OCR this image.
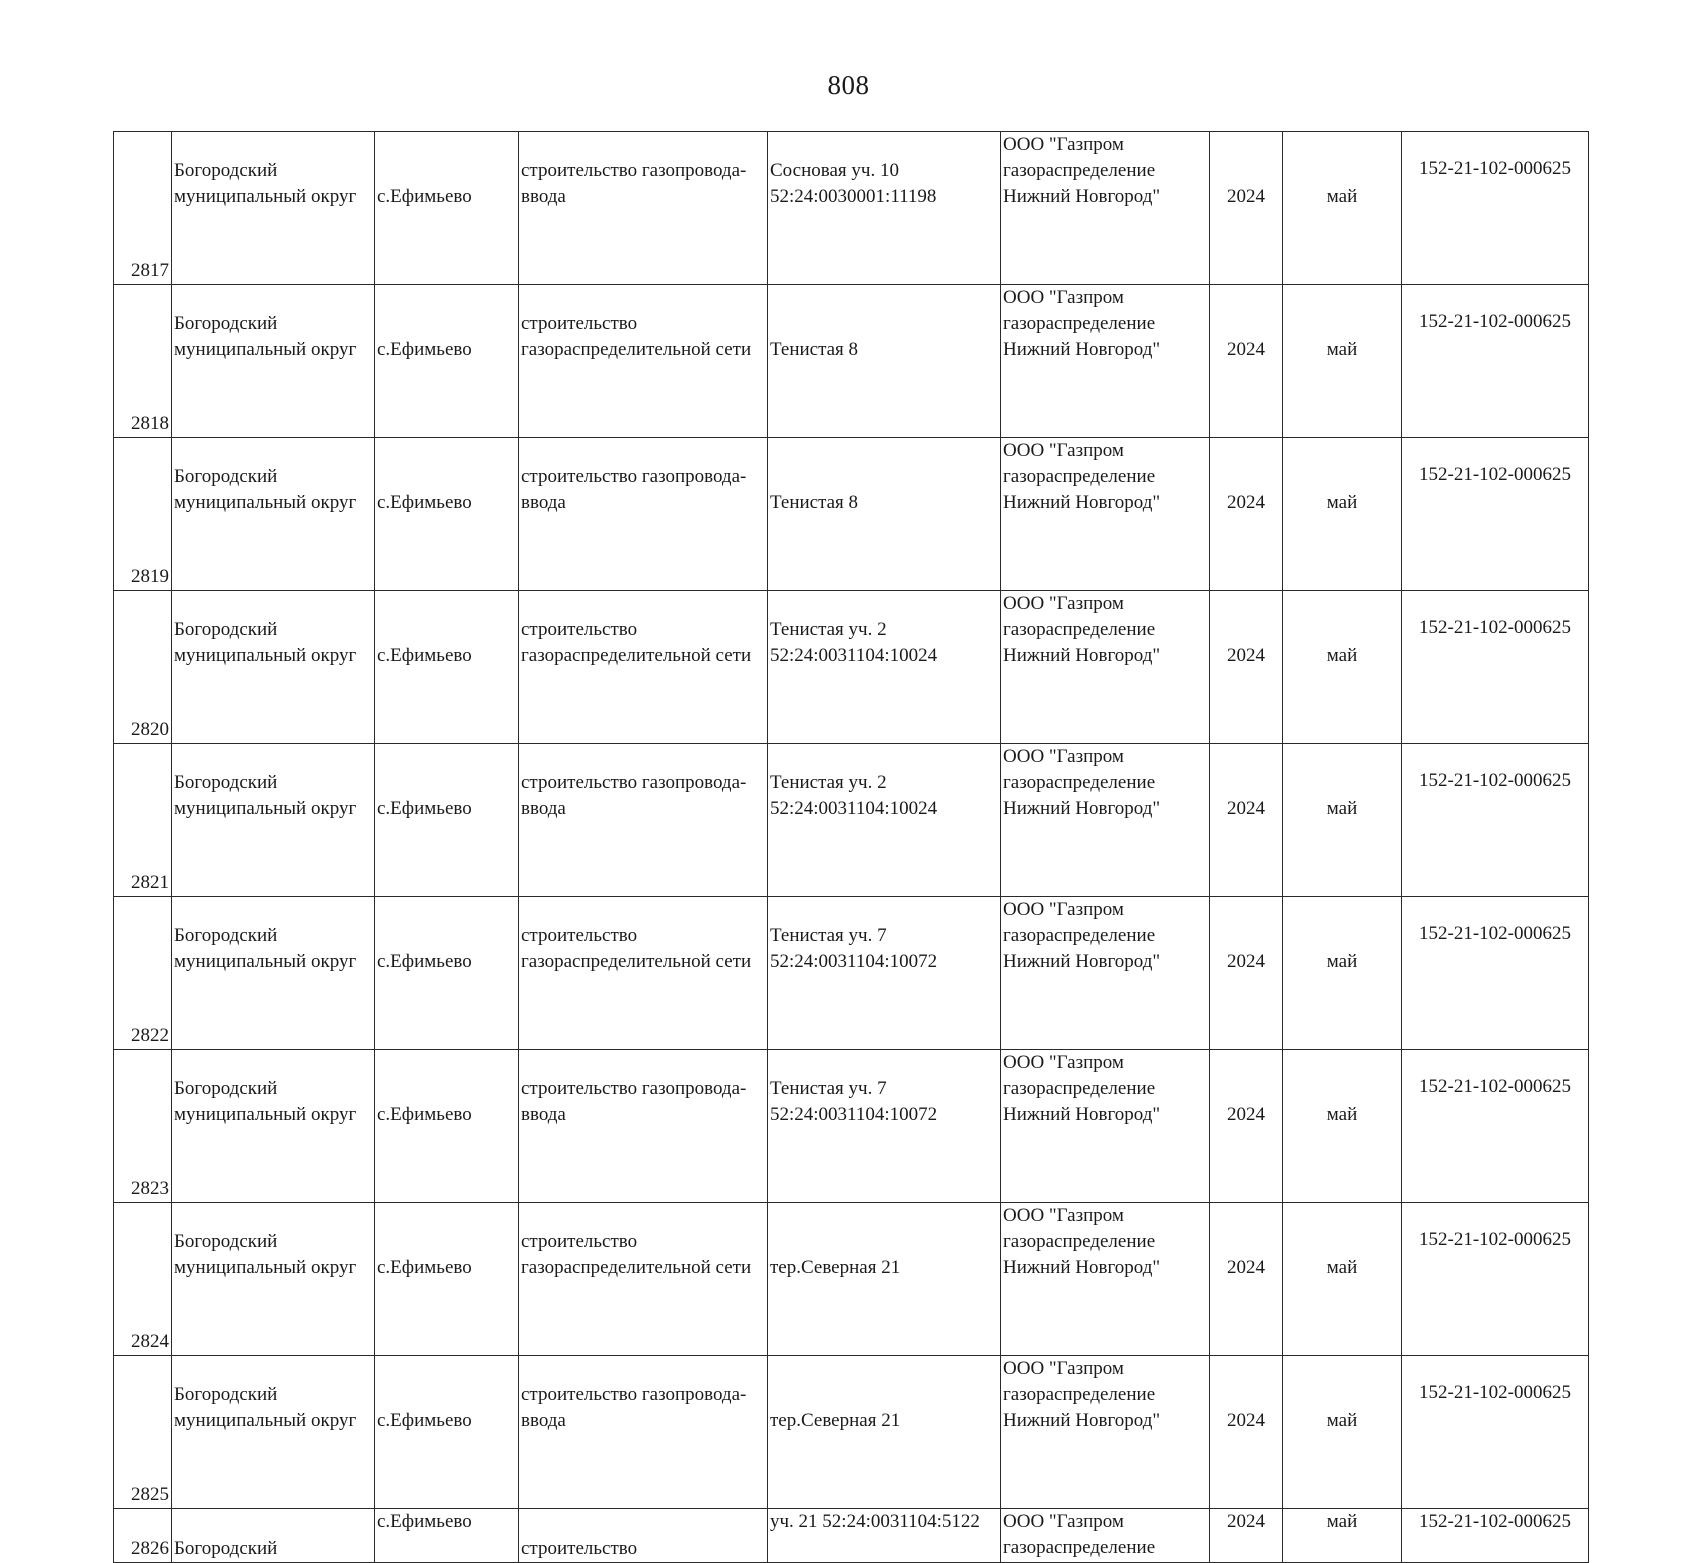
808
2817	Богородский
муниципальный округ	с.Ефимьево	строительство газопровода-
ввода	Сосновая уч. 10
52:24:0030001:11198	ООО "Газпром
газораспределение
Нижний Новгород"	2024	май	152-21-102-000625
2818	Богородский
муниципальный округ	с.Ефимьево	строительство
газораспределительной сети	Тенистая 8	ООО "Газпром
газораспределение
Нижний Новгород"	2024	май	152-21-102-000625
2819	Богородский
муниципальный округ	с.Ефимьево	строительство газопровода-
ввода	Тенистая 8	ООО "Газпром
газораспределение
Нижний Новгород"	2024	май	152-21-102-000625
2820	Богородский
муниципальный округ	с.Ефимьево	строительство
газораспределительной сети	Тенистая уч. 2
52:24:0031104:10024	ООО "Газпром
газораспределение
Нижний Новгород"	2024	май	152-21-102-000625
2821	Богородский
муниципальный округ	с.Ефимьево	строительство газопровода-
ввода	Тенистая уч. 2
52:24:0031104:10024	ООО "Газпром
газораспределение
Нижний Новгород"	2024	май	152-21-102-000625
2822	Богородский
муниципальный округ	с.Ефимьево	строительство
газораспределительной сети	Тенистая уч. 7
52:24:0031104:10072	ООО "Газпром
газораспределение
Нижний Новгород"	2024	май	152-21-102-000625
2823	Богородский
муниципальный округ	с.Ефимьево	строительство газопровода-
ввода	Тенистая уч. 7
52:24:0031104:10072	ООО "Газпром
газораспределение
Нижний Новгород"	2024	май	152-21-102-000625
2824	Богородский
муниципальный округ	с.Ефимьево	строительство
газораспределительной сети	тер.Северная 21	ООО "Газпром
газораспределение
Нижний Новгород"	2024	май	152-21-102-000625
2825	Богородский
муниципальный округ	с.Ефимьево	строительство газопровода-
ввода	тер.Северная 21	ООО "Газпром
газораспределение
Нижний Новгород"	2024	май	152-21-102-000625
2826	Богородский	с.Ефимьево	строительство	уч. 21 52:24:0031104:5122	ООО "Газпром
газораспределение	2024	май	152-21-102-000625
